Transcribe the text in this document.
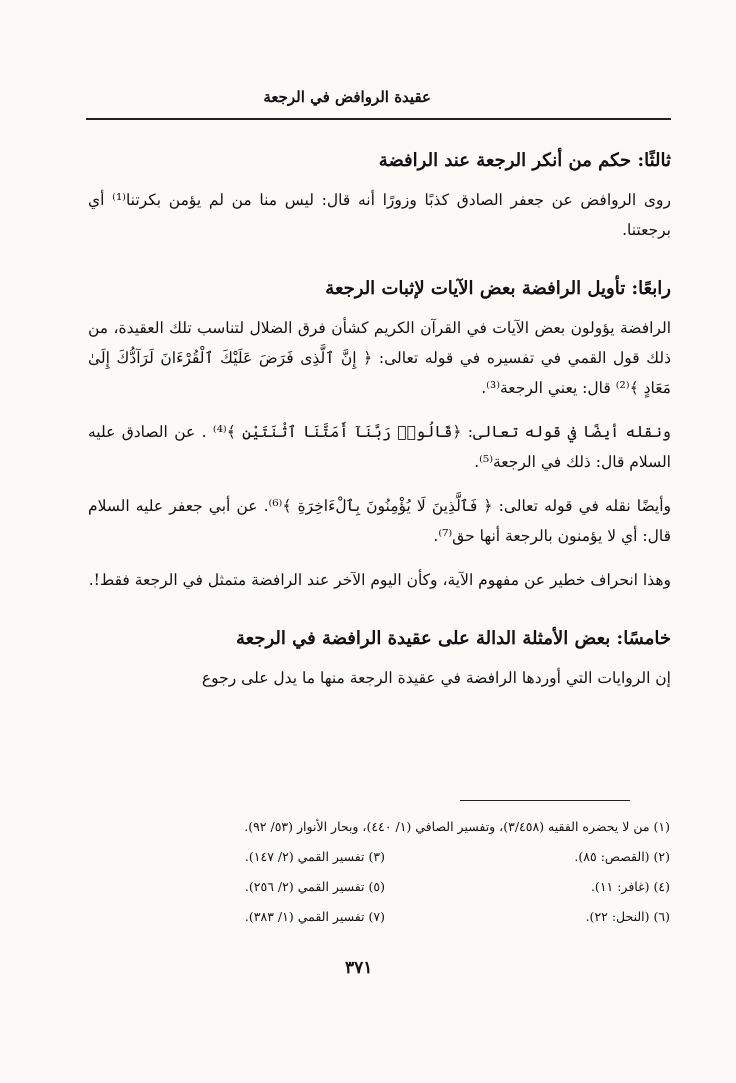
عقيدة الروافض في الرجعة
ثالثًا: حكم من أنكر الرجعة عند الرافضة

روى الروافض عن جعفر الصادق كذبًا وزورًا أنه قال: ليس منا من لم يؤمن بكرتنا⁽¹⁾ أي برجعتنا.

رابعًا: تأويل الرافضة بعض الآيات لإثبات الرجعة

الرافضة يؤولون بعض الآيات في القرآن الكريم كشأن فرق الضلال لتناسب تلك العقيدة، من ذلك قول القمي في تفسيره في قوله تعالى: ﴿ إِنَّ ٱلَّذِى فَرَضَ عَلَيْكَ ٱلْقُرْءَانَ لَرَآدُّكَ إِلَىٰ مَعَادٍ ﴾⁽²⁾ قال: يعني الرجعة⁽³⁾.

ونقله أيضًا في قوله تعالى: ﴿قَالُوا۟ رَبَّنَآ أَمَتَّنَا ٱثْنَتَيْنِ ﴾⁽⁴⁾ . عن الصادق عليه السلام قال: ذلك في الرجعة⁽⁵⁾.

وأيضًا نقله في قوله تعالى: ﴿ فَٱلَّذِينَ لَا يُؤْمِنُونَ بِٱلْءَاخِرَةِ ﴾⁽⁶⁾. عن أبي جعفر عليه السلام قال: أي لا يؤمنون بالرجعة أنها حق⁽⁷⁾.

وهذا انحراف خطير عن مفهوم الآية، وكأن اليوم الآخر عند الرافضة متمثل في الرجعة فقط!.

خامسًا: بعض الأمثلة الدالة على عقيدة الرافضة في الرجعة

إن الروايات التي أوردها الرافضة في عقيدة الرجعة منها ما يدل على رجوع

(١) من لا يحضره الفقيه (٣/٤٥٨)، وتفسير الصافي (١/ ٤٤٠)، وبحار الأنوار (٥٣/ ٩٢).
(٢) (القصص: ٨٥).
(٣) تفسير القمي (٢/ ١٤٧).
(٤) (غافر: ١١).
(٥) تفسير القمي (٢/ ٢٥٦).
(٦) (النحل: ٢٢).
(٧) تفسير القمي (١/ ٣٨٣).
٣٧١
